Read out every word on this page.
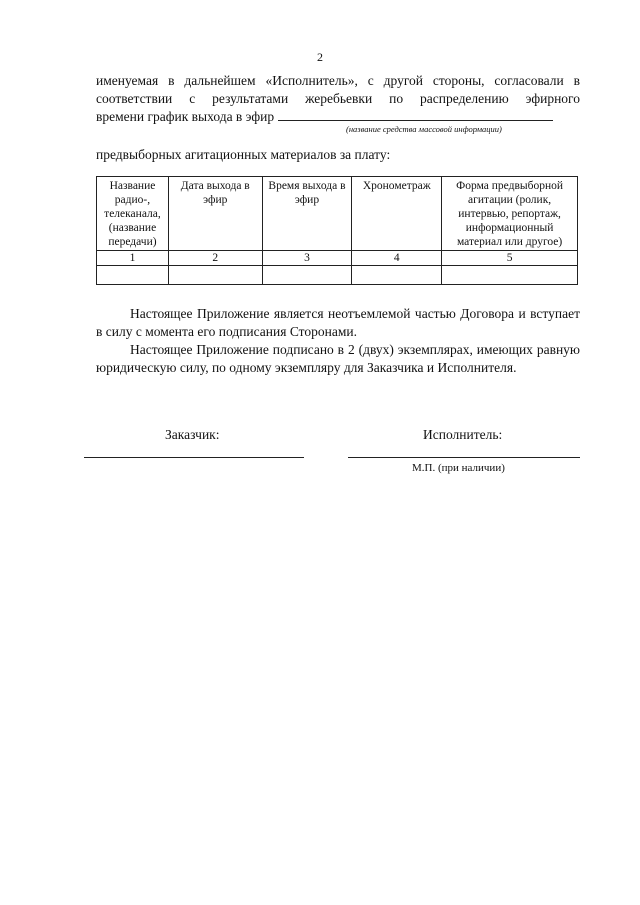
2
именуемая в дальнейшем «Исполнитель», с другой стороны, согласовали в
соответствии с результатами жеребьевки по распределению эфирного
времени график выхода в эфир
(название средства массовой информации)
предвыборных агитационных материалов за плату:
Название радио-, телеканала, (название передачи)	Дата выхода в эфир	Время выхода в эфир	Хронометраж	Форма предвыборной агитации (ролик, интервью, репортаж, информационный материал или другое)
1	2	3	4	5

Настоящее Приложение является неотъемлемой частью Договора и вступает в силу с момента его подписания Сторонами.
Настоящее Приложение подписано в 2 (двух) экземплярах, имеющих равную юридическую силу, по одному экземпляру для Заказчика и Исполнителя.
Заказчик:	Исполнитель:
М.П. (при наличии)
